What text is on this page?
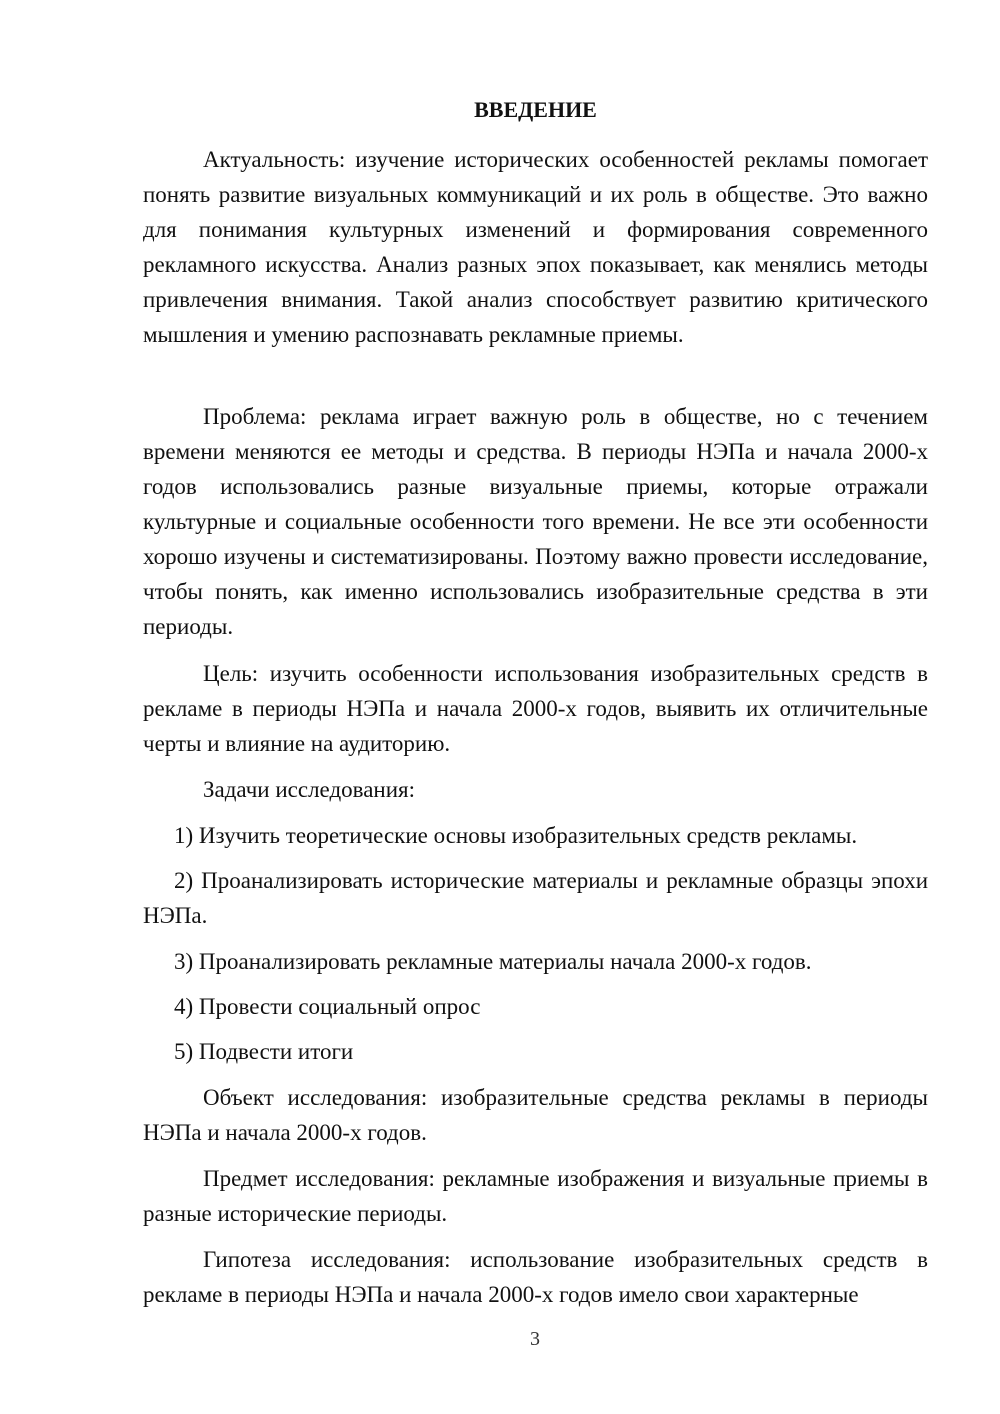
ВВЕДЕНИЕ

Актуальность: изучение исторических особенностей рекламы помогает понять развитие визуальных коммуникаций и их роль в обществе. Это важно для понимания культурных изменений и формирования современного рекламного искусства. Анализ разных эпох показывает, как менялись методы привлечения внимания. Такой анализ способствует развитию критического мышления и умению распознавать рекламные приемы.

Проблема: реклама играет важную роль в обществе, но с течением времени меняются ее методы и средства. В периоды НЭПа и начала 2000-х годов использовались разные визуальные приемы, которые отражали культурные и социальные особенности того времени. Не все эти особенности хорошо изучены и систематизированы. Поэтому важно провести исследование, чтобы понять, как именно использовались изобразительные средства в эти периоды.

Цель: изучить особенности использования изобразительных средств в рекламе в периоды НЭПа и начала 2000-х годов, выявить их отличительные черты и влияние на аудиторию.

Задачи исследования:

1) Изучить теоретические основы изобразительных средств рекламы.

2) Проанализировать исторические материалы и рекламные образцы эпохи НЭПа.

3) Проанализировать рекламные материалы начала 2000-х годов.

4) Провести социальный опрос

5) Подвести итоги

Объект исследования: изобразительные средства рекламы в периоды НЭПа и начала 2000-х годов.

Предмет исследования: рекламные изображения и визуальные приемы в разные исторические периоды.

Гипотеза исследования: использование изобразительных средств в рекламе в периоды НЭПа и начала 2000-х годов имело свои характерные

3
